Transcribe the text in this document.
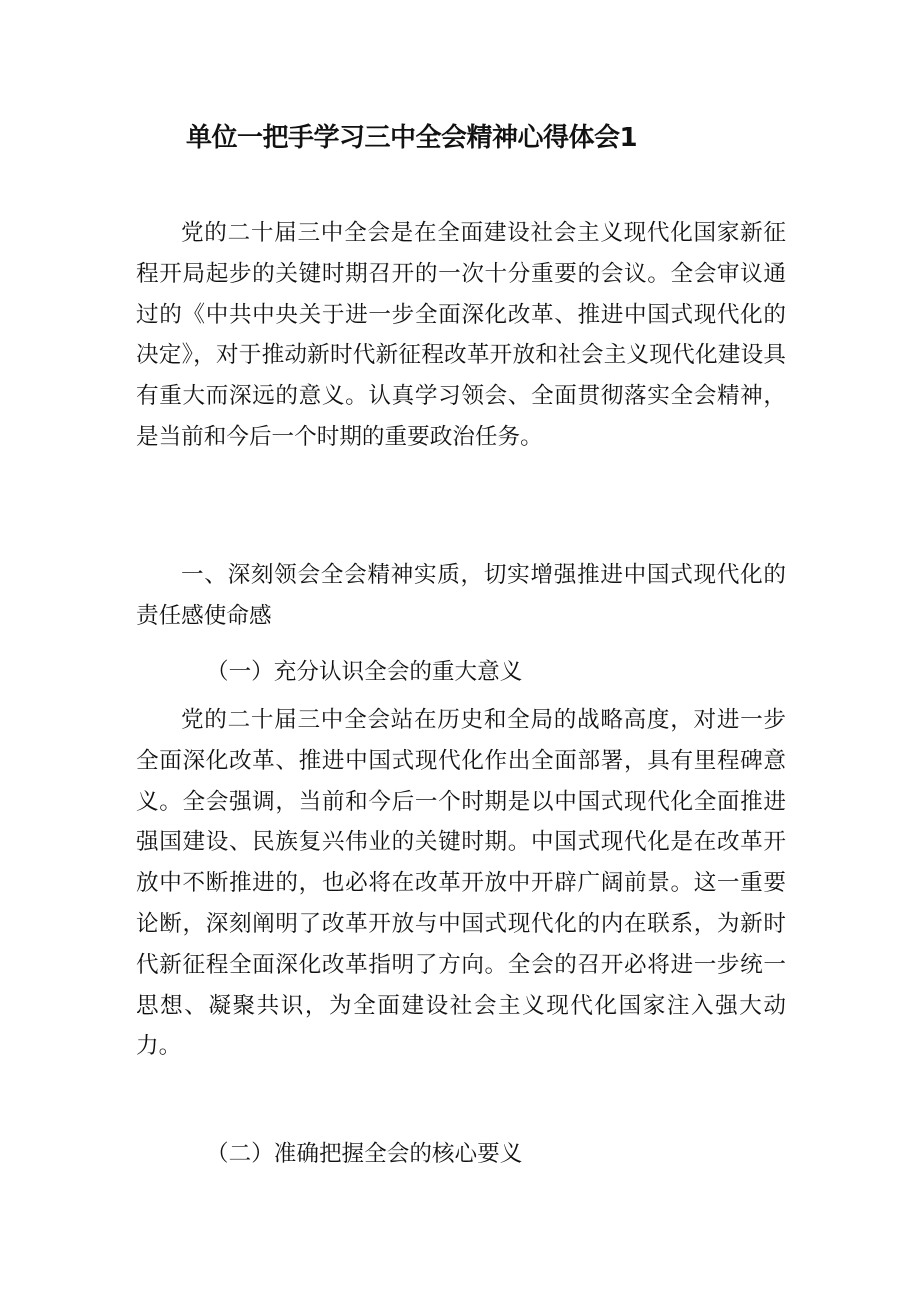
单位一把手学习三中全会精神心得体会1

党的二十届三中全会是在全面建设社会主义现代化国家新征程开局起步的关键时期召开的一次十分重要的会议。全会审议通过的《中共中央关于进一步全面深化改革、推进中国式现代化的决定》，对于推动新时代新征程改革开放和社会主义现代化建设具有重大而深远的意义。认真学习领会、全面贯彻落实全会精神，是当前和今后一个时期的重要政治任务。

一、深刻领会全会精神实质，切实增强推进中国式现代化的责任感使命感

（一）充分认识全会的重大意义

党的二十届三中全会站在历史和全局的战略高度，对进一步全面深化改革、推进中国式现代化作出全面部署，具有里程碑意义。全会强调，当前和今后一个时期是以中国式现代化全面推进强国建设、民族复兴伟业的关键时期。中国式现代化是在改革开放中不断推进的，也必将在改革开放中开辟广阔前景。这一重要论断，深刻阐明了改革开放与中国式现代化的内在联系，为新时代新征程全面深化改革指明了方向。全会的召开必将进一步统一思想、凝聚共识，为全面建设社会主义现代化国家注入强大动力。

（二）准确把握全会的核心要义
